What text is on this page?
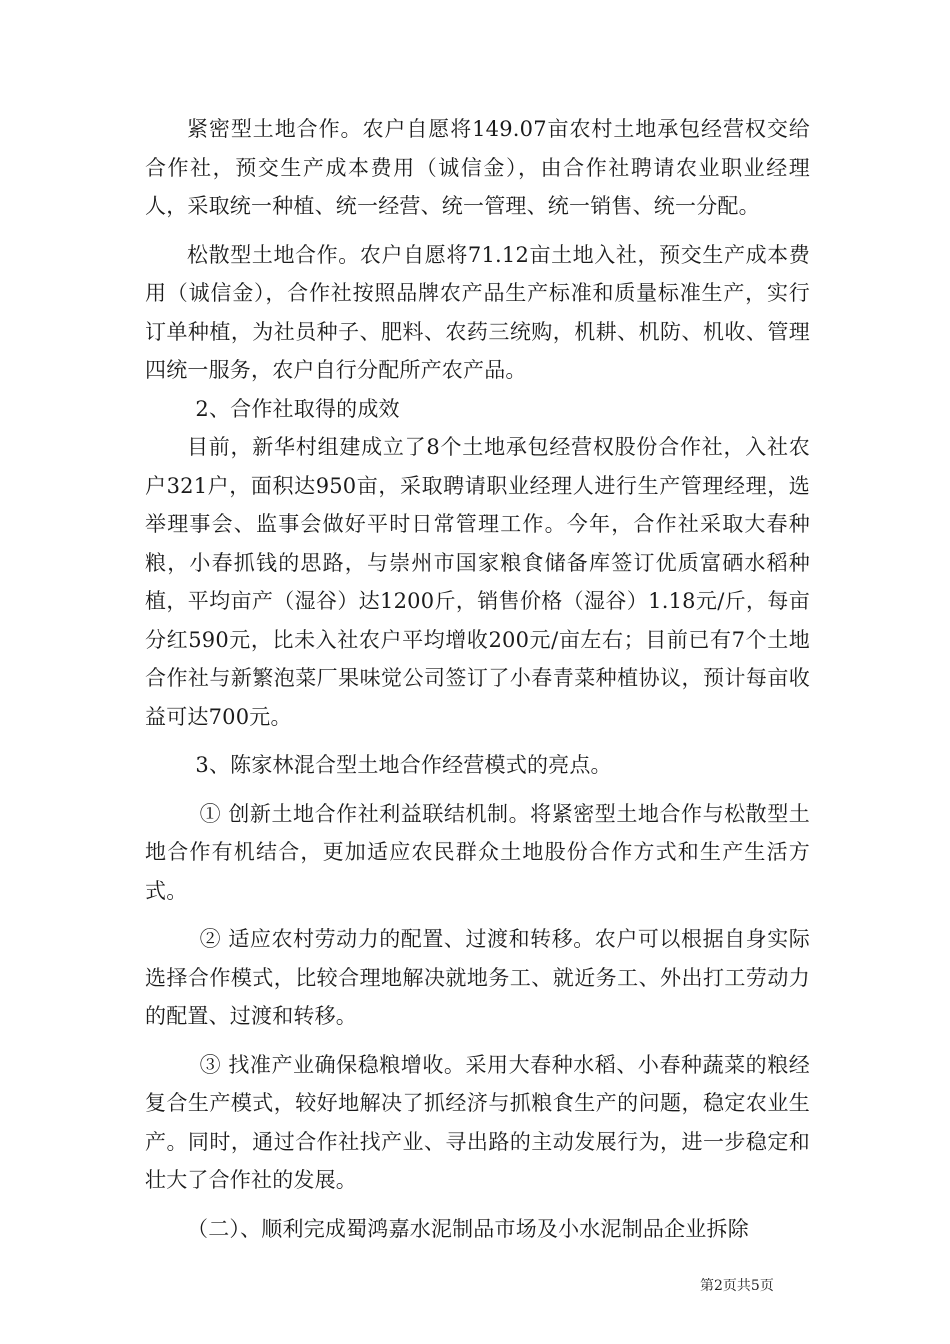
紧密型土地合作。农户自愿将149.07亩农村土地承包经营权交给合作社，预交生产成本费用（诚信金），由合作社聘请农业职业经理人，采取统一种植、统一经营、统一管理、统一销售、统一分配。

松散型土地合作。农户自愿将71.12亩土地入社，预交生产成本费用（诚信金），合作社按照品牌农产品生产标准和质量标准生产，实行订单种植，为社员种子、肥料、农药三统购，机耕、机防、机收、管理四统一服务，农户自行分配所产农产品。

2、合作社取得的成效

目前，新华村组建成立了8个土地承包经营权股份合作社，入社农户321户，面积达950亩，采取聘请职业经理人进行生产管理经理，选举理事会、监事会做好平时日常管理工作。今年，合作社采取大春种粮，小春抓钱的思路，与崇州市国家粮食储备库签订优质富硒水稻种植，平均亩产（湿谷）达1200斤，销售价格（湿谷）1.18元/斤，每亩分红590元，比未入社农户平均增收200元/亩左右；目前已有7个土地合作社与新繁泡菜厂果味觉公司签订了小春青菜种植协议，预计每亩收益可达700元。

3、陈家林混合型土地合作经营模式的亮点。

① 创新土地合作社利益联结机制。将紧密型土地合作与松散型土地合作有机结合，更加适应农民群众土地股份合作方式和生产生活方式。

② 适应农村劳动力的配置、过渡和转移。农户可以根据自身实际选择合作模式，比较合理地解决就地务工、就近务工、外出打工劳动力的配置、过渡和转移。

③ 找准产业确保稳粮增收。采用大春种水稻、小春种蔬菜的粮经复合生产模式，较好地解决了抓经济与抓粮食生产的问题，稳定农业生产。同时，通过合作社找产业、寻出路的主动发展行为，进一步稳定和壮大了合作社的发展。

（二）、顺利完成蜀鸿嘉水泥制品市场及小水泥制品企业拆除

第2页共5页
